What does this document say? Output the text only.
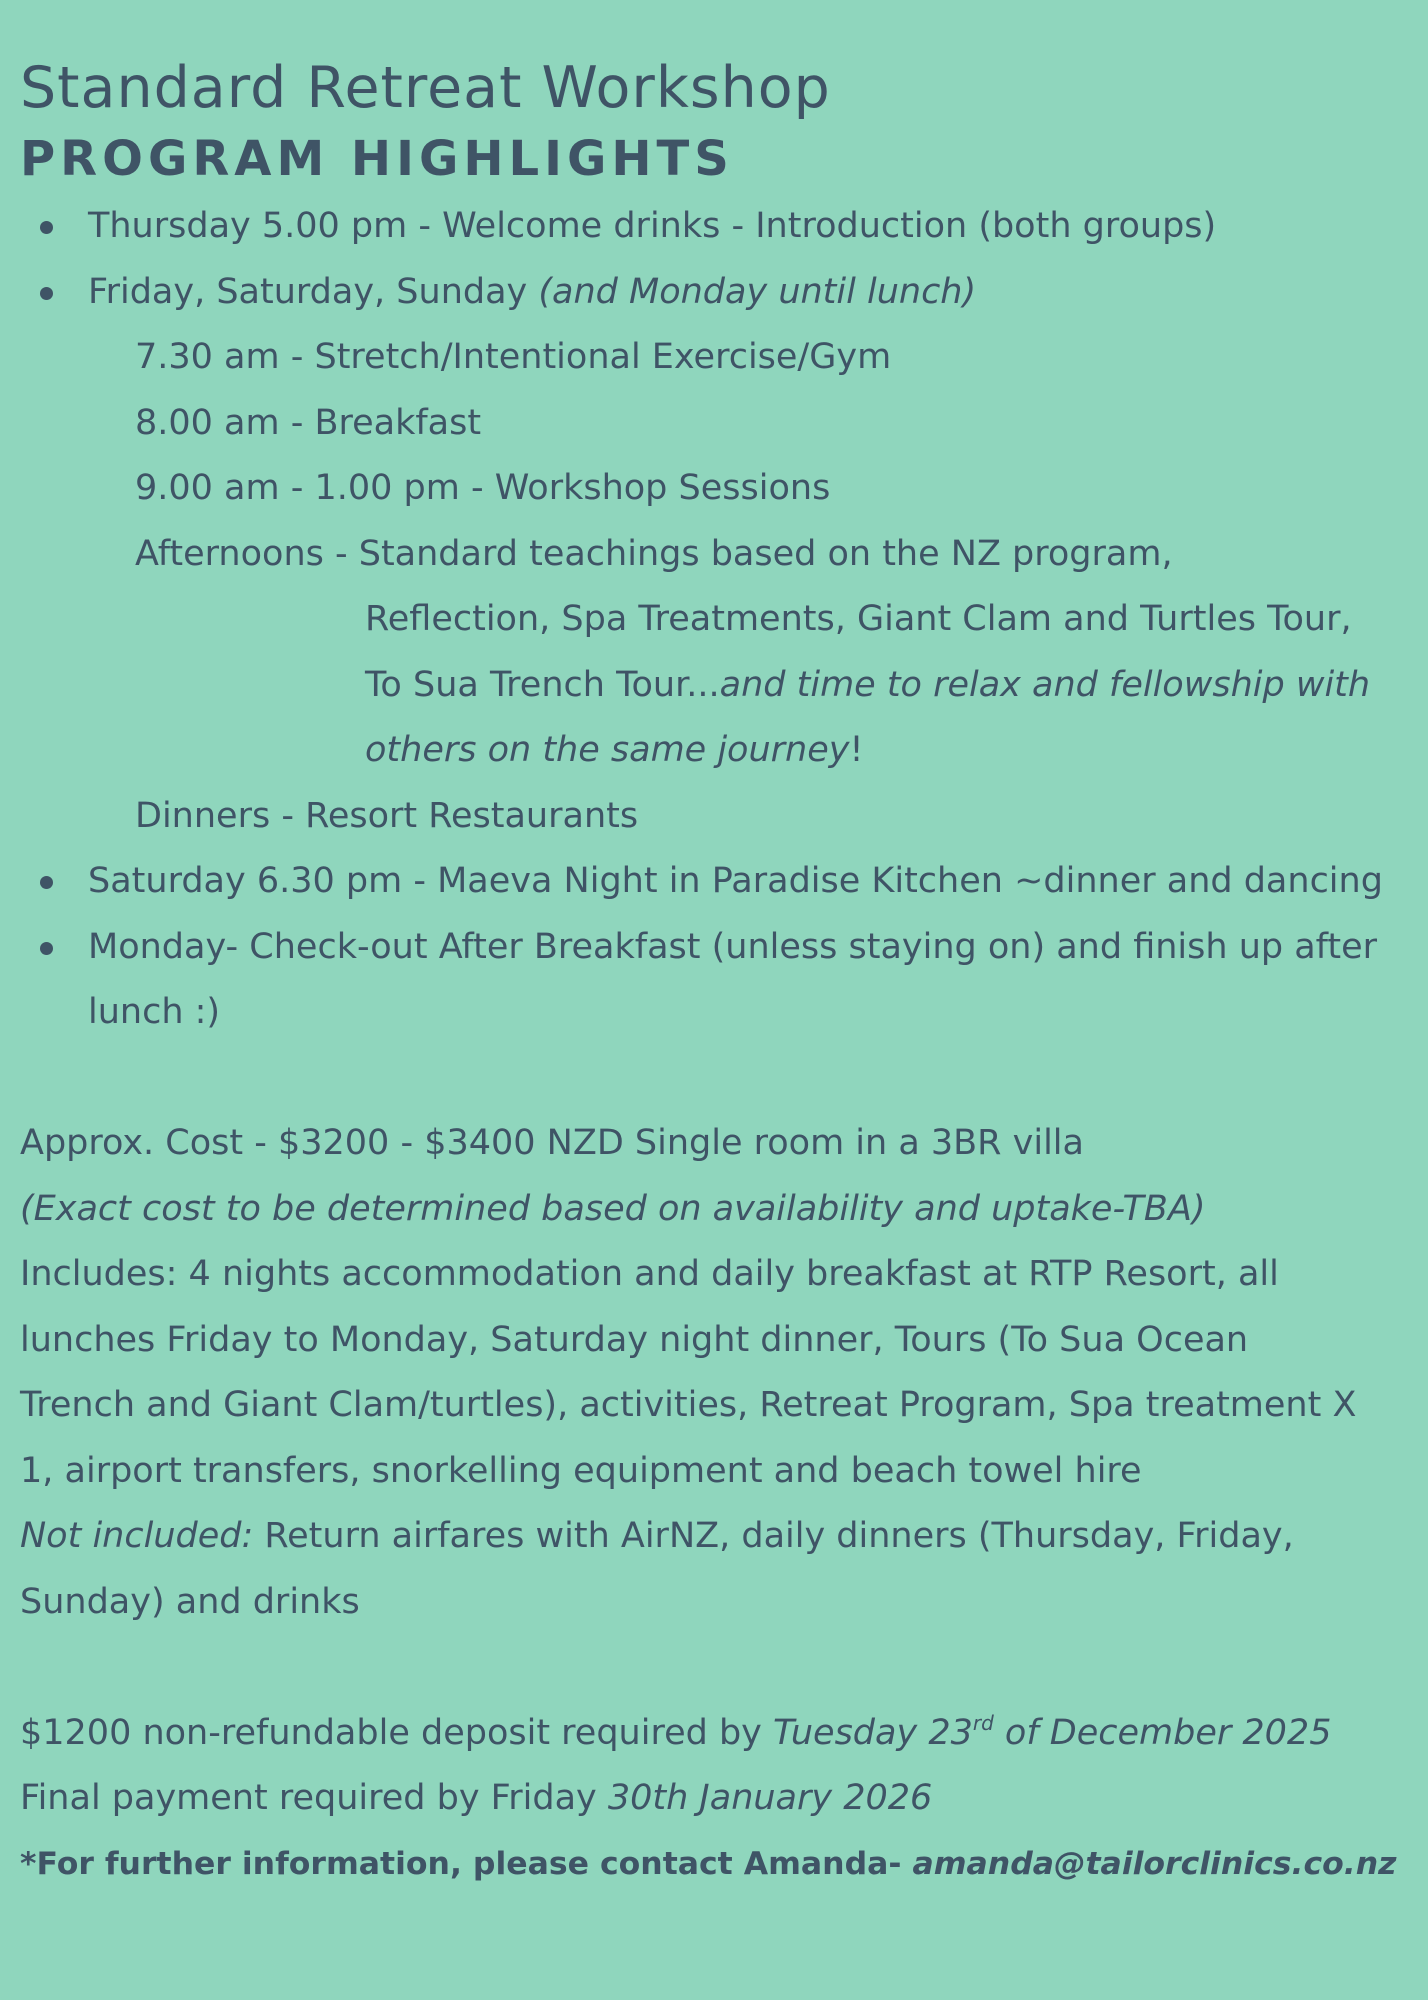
Standard Retreat Workshop
PROGRAM HIGHLIGHTS
Thursday 5.00 pm - Welcome drinks - Introduction (both groups)
Friday, Saturday, Sunday (and Monday until lunch)
7.30 am - Stretch/Intentional Exercise/Gym
8.00 am - Breakfast
9.00 am - 1.00 pm - Workshop Sessions
Afternoons - Standard teachings based on the NZ program,
Reflection, Spa Treatments, Giant Clam and Turtles Tour,
To Sua Trench Tour...and time to relax and fellowship with
others on the same journey!
Dinners - Resort Restaurants
Saturday 6.30 pm - Maeva Night in Paradise Kitchen ~dinner and dancing
Monday- Check-out After Breakfast (unless staying on) and finish up after
lunch :)
Approx. Cost - $3200 - $3400 NZD Single room in a 3BR villa
(Exact cost to be determined based on availability and uptake-TBA)
Includes: 4 nights accommodation and daily breakfast at RTP Resort, all
lunches Friday to Monday, Saturday night dinner, Tours (To Sua Ocean
Trench and Giant Clam/turtles), activities, Retreat Program, Spa treatment X
1, airport transfers, snorkelling equipment and beach towel hire
Not included: Return airfares with AirNZ, daily dinners (Thursday, Friday,
Sunday) and drinks
$1200 non-refundable deposit required by Tuesday 23rd of December 2025
Final payment required by Friday 30th January 2026
*For further information, please contact Amanda- amanda@tailorclinics.co.nz
